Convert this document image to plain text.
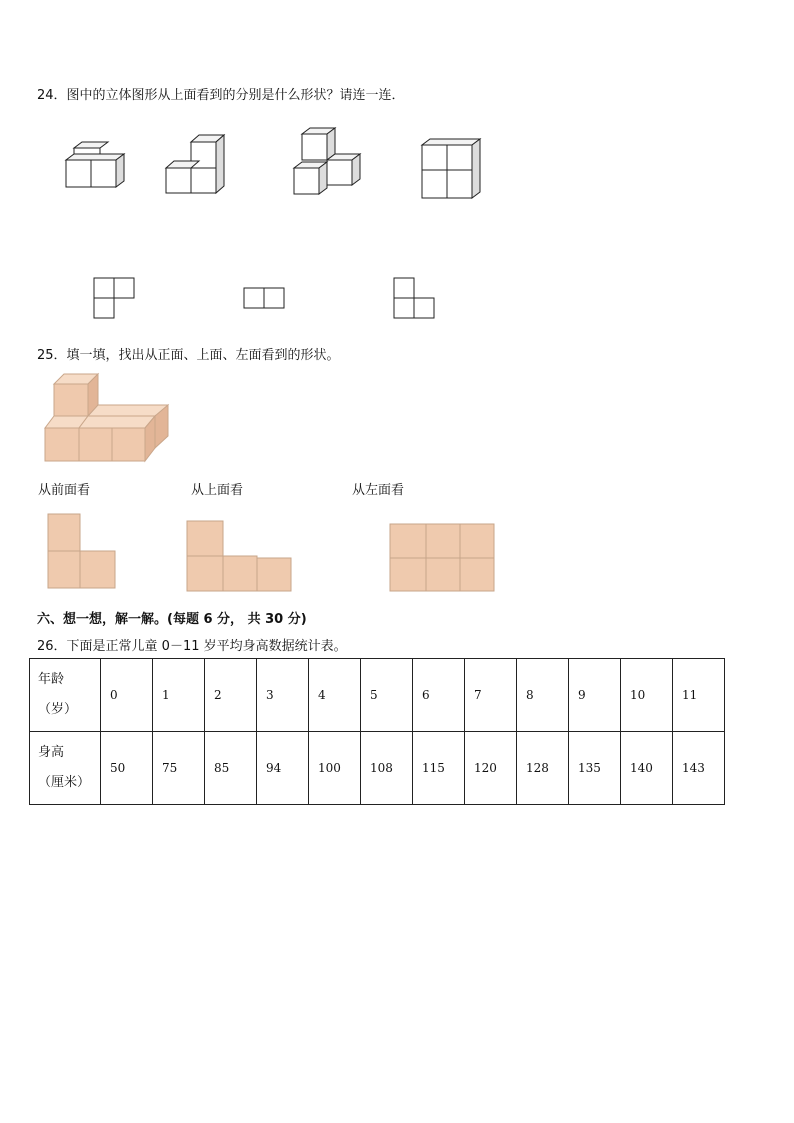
24．图中的立体图形从上面看到的分别是什么形状？请连一连．
25．填一填，找出从正面、上面、左面看到的形状。
从前面看	从上面看	从左面看
六、想一想，解一解。(每题 6 分， 共 30 分)
26．下面是正常儿童 0－11 岁平均身高数据统计表。
年龄
（岁）	0	1	2	3	4	5	6	7	8	9	10	11

身高
（厘米）	50	75	85	94	100	108	115	120	128	135	140	143
